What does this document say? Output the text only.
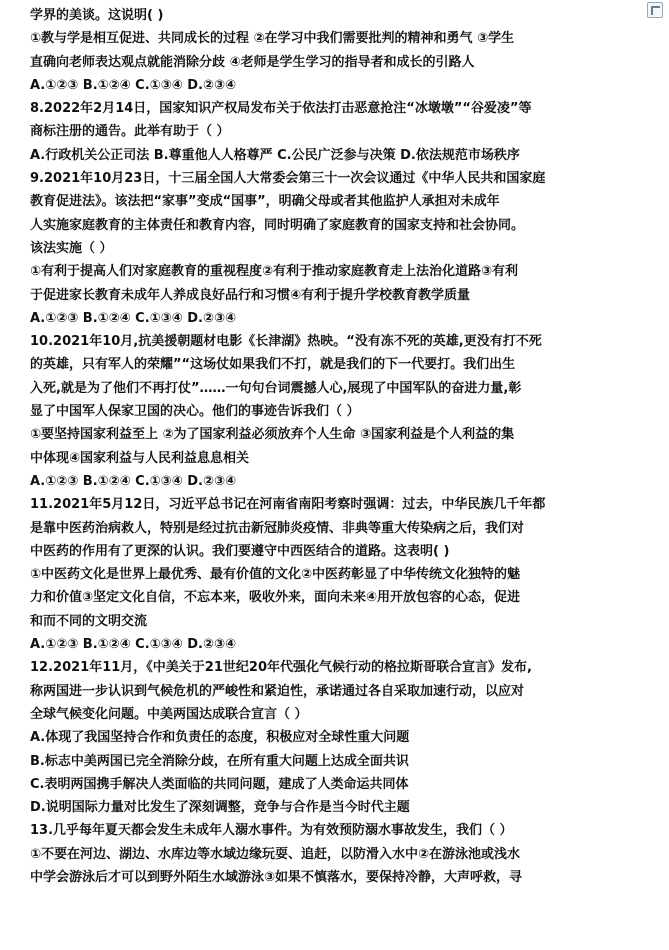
学界的美谈。这说明( )
①教与学是相互促进、共同成长的过程 ②在学习中我们需要批判的精神和勇气 ③学生
直确向老师表达观点就能消除分歧 ④老师是学生学习的指导者和成长的引路人
A.①②③ B.①②④ C.①③④ D.②③④
8.2022年2月14日，国家知识产权局发布关于依法打击恶意抢注“冰墩墩”“谷爱凌”等
商标注册的通告。此举有助于（ ）
A.行政机关公正司法 B.尊重他人人格尊严 C.公民广泛参与决策 D.依法规范市场秩序
9.2021年10月23日，十三届全国人大常委会第三十一次会议通过《中华人民共和国家庭
教育促进法》。该法把“家事”变成“国事”，明确父母或者其他监护人承担对未成年
人实施家庭教育的主体责任和教育内容，同时明确了家庭教育的国家支持和社会协同。
该法实施（ ）
①有利于提高人们对家庭教育的重视程度②有利于推动家庭教育走上法治化道路③有利
于促进家长教育未成年人养成良好品行和习惯④有利于提升学校教育教学质量
A.①②③ B.①②④ C.①③④ D.②③④
10.2021年10月,抗美援朝题材电影《长津湖》热映。“没有冻不死的英雄,更没有打不死
的英雄，只有军人的荣耀”“这场仗如果我们不打，就是我们的下一代要打。我们出生
入死,就是为了他们不再打仗”……一句句台词震撼人心,展现了中国军队的奋进力量,彰
显了中国军人保家卫国的决心。他们的事迹告诉我们（ ）
①要坚持国家利益至上 ②为了国家利益必须放弃个人生命 ③国家利益是个人利益的集
中体现④国家利益与人民利益息息相关
A.①②③ B.①②④ C.①③④ D.②③④
11.2021年5月12日，习近平总书记在河南省南阳考察时强调：过去，中华民族几千年都
是靠中医药治病救人，特别是经过抗击新冠肺炎疫情、非典等重大传染病之后，我们对
中医药的作用有了更深的认识。我们要遵守中西医结合的道路。这表明( )
①中医药文化是世界上最优秀、最有价值的文化②中医药彰显了中华传统文化独特的魅
力和价值③坚定文化自信，不忘本来，吸收外来，面向未来④用开放包容的心态，促进
和而不同的文明交流
A.①②③ B.①②④ C.①③④ D.②③④
12.2021年11月，《中美关于21世纪20年代强化气候行动的格拉斯哥联合宣言》发布,
称两国进一步认识到气候危机的严峻性和紧迫性，承诺通过各自采取加速行动，以应对
全球气候变化问题。中美两国达成联合宣言（ ）
A.体现了我国坚持合作和负责任的态度，积极应对全球性重大问题
B.标志中美两国已完全消除分歧，在所有重大问题上达成全面共识
C.表明两国携手解决人类面临的共同问题，建成了人类命运共同体
D.说明国际力量对比发生了深刻调整，竞争与合作是当今时代主题
13.几乎每年夏天都会发生未成年人溺水事件。为有效预防溺水事故发生，我们（ ）
①不要在河边、湖边、水库边等水域边缘玩耍、追赶，以防滑入水中②在游泳池或浅水
中学会游泳后才可以到野外陌生水域游泳③如果不慎落水，要保持冷静，大声呼救，寻
